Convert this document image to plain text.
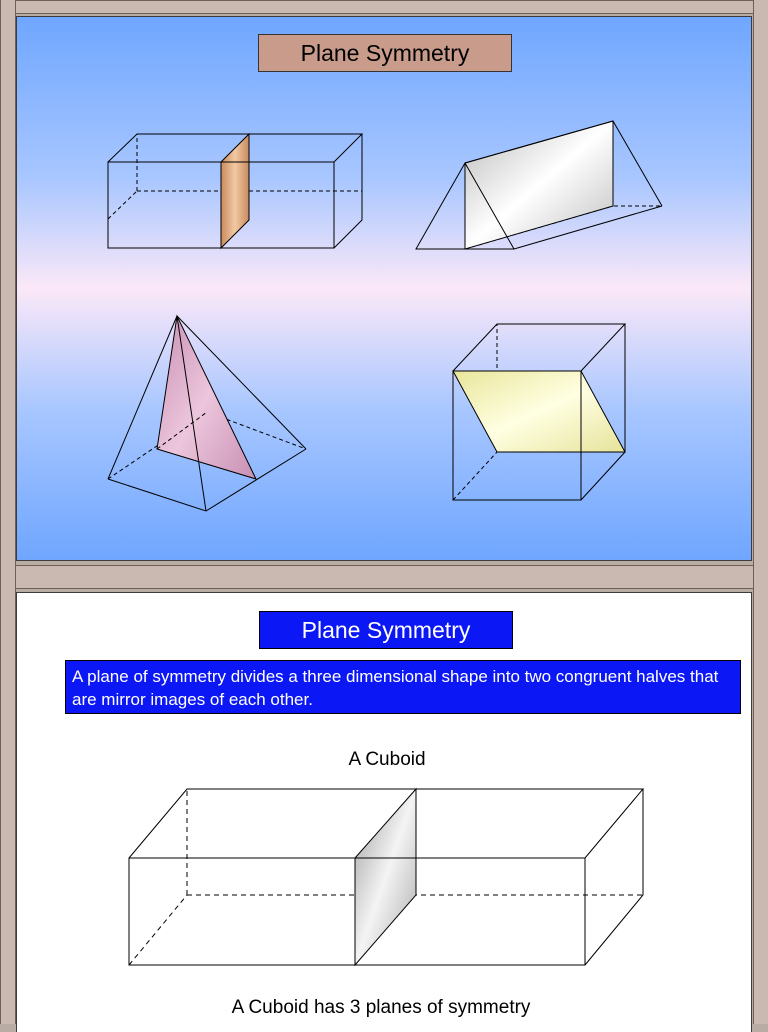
Plane Symmetry
Plane Symmetry
A plane of symmetry divides a three dimensional shape into two congruent halves that are mirror images of each other.
A Cuboid
A Cuboid has 3 planes of symmetry
